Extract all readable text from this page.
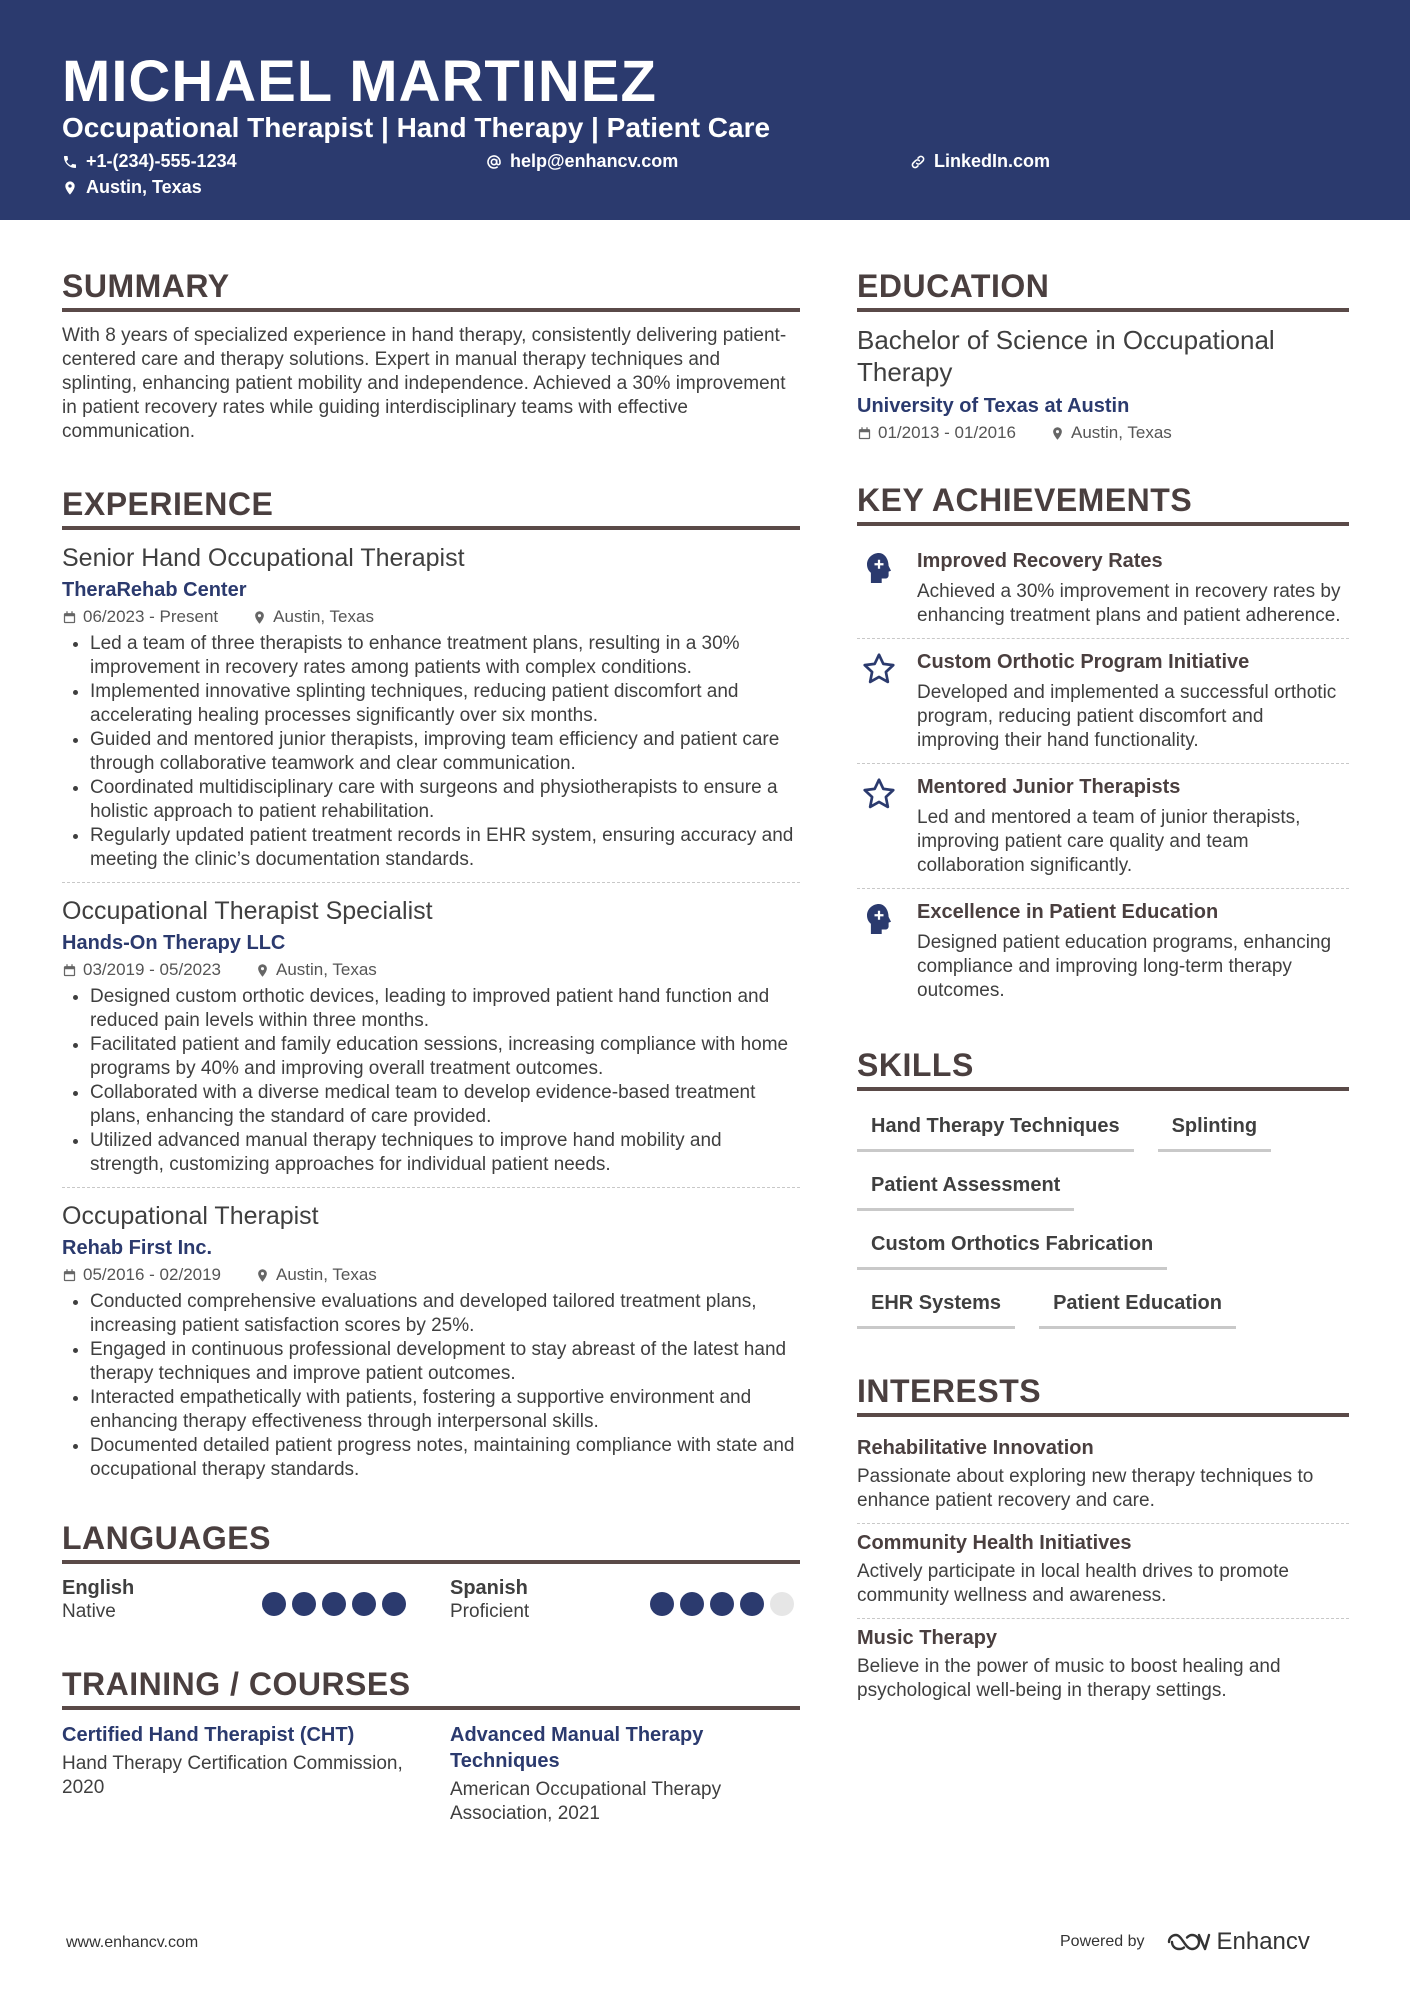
MICHAEL MARTINEZ
Occupational Therapist | Hand Therapy | Patient Care
+1-(234)-555-1234	help@enhancv.com	LinkedIn.com
Austin, Texas
SUMMARY
With 8 years of specialized experience in hand therapy, consistently delivering patient-centered care and therapy solutions. Expert in manual therapy techniques and splinting, enhancing patient mobility and independence. Achieved a 30% improvement in patient recovery rates while guiding interdisciplinary teams with effective communication.
EXPERIENCE
Senior Hand Occupational Therapist
TheraRehab Center
06/2023 - Present	Austin, Texas
• Led a team of three therapists to enhance treatment plans, resulting in a 30% improvement in recovery rates among patients with complex conditions.
• Implemented innovative splinting techniques, reducing patient discomfort and accelerating healing processes significantly over six months.
• Guided and mentored junior therapists, improving team efficiency and patient care through collaborative teamwork and clear communication.
• Coordinated multidisciplinary care with surgeons and physiotherapists to ensure a holistic approach to patient rehabilitation.
• Regularly updated patient treatment records in EHR system, ensuring accuracy and meeting the clinic’s documentation standards.
Occupational Therapist Specialist
Hands-On Therapy LLC
03/2019 - 05/2023	Austin, Texas
• Designed custom orthotic devices, leading to improved patient hand function and reduced pain levels within three months.
• Facilitated patient and family education sessions, increasing compliance with home programs by 40% and improving overall treatment outcomes.
• Collaborated with a diverse medical team to develop evidence-based treatment plans, enhancing the standard of care provided.
• Utilized advanced manual therapy techniques to improve hand mobility and strength, customizing approaches for individual patient needs.
Occupational Therapist
Rehab First Inc.
05/2016 - 02/2019	Austin, Texas
• Conducted comprehensive evaluations and developed tailored treatment plans, increasing patient satisfaction scores by 25%.
• Engaged in continuous professional development to stay abreast of the latest hand therapy techniques and improve patient outcomes.
• Interacted empathetically with patients, fostering a supportive environment and enhancing therapy effectiveness through interpersonal skills.
• Documented detailed patient progress notes, maintaining compliance with state and occupational therapy standards.
LANGUAGES
English
Native
Spanish
Proficient
TRAINING / COURSES
Certified Hand Therapist (CHT)
Hand Therapy Certification Commission, 2020
Advanced Manual Therapy Techniques
American Occupational Therapy Association, 2021
EDUCATION
Bachelor of Science in Occupational Therapy
University of Texas at Austin
01/2013 - 01/2016	Austin, Texas
KEY ACHIEVEMENTS
Improved Recovery Rates
Achieved a 30% improvement in recovery rates by enhancing treatment plans and patient adherence.
Custom Orthotic Program Initiative
Developed and implemented a successful orthotic program, reducing patient discomfort and improving their hand functionality.
Mentored Junior Therapists
Led and mentored a team of junior therapists, improving patient care quality and team collaboration significantly.
Excellence in Patient Education
Designed patient education programs, enhancing compliance and improving long-term therapy outcomes.
SKILLS
Hand Therapy Techniques	Splinting
Patient Assessment
Custom Orthotics Fabrication
EHR Systems	Patient Education
INTERESTS
Rehabilitative Innovation
Passionate about exploring new therapy techniques to enhance patient recovery and care.
Community Health Initiatives
Actively participate in local health drives to promote community wellness and awareness.
Music Therapy
Believe in the power of music to boost healing and psychological well-being in therapy settings.
www.enhancv.com	Powered by	Enhancv
